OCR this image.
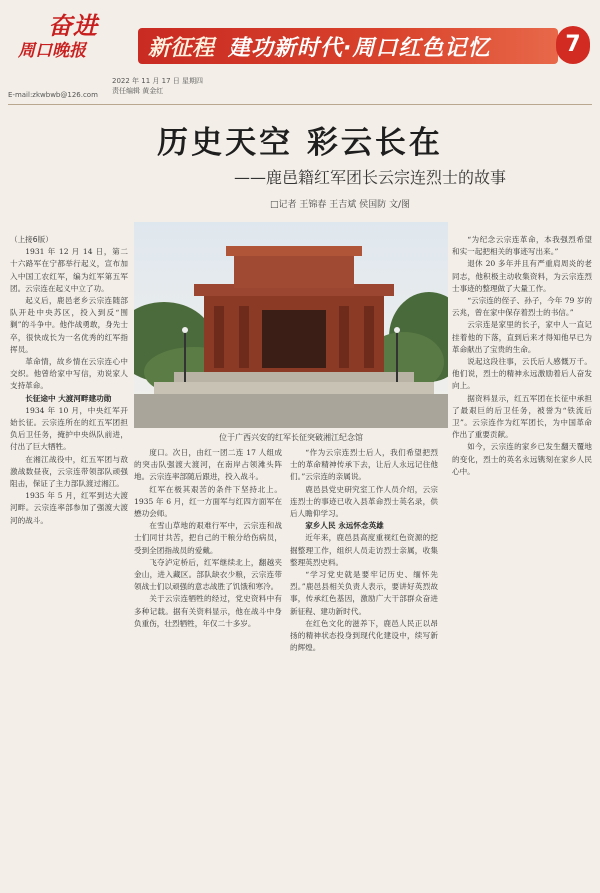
奋进
周口晚报	新征程 建功新时代·周口红色记忆	7
2022 年 11 月 17 日 星期四
责任编辑 黄金红
E-mail:zkwbwb@126.com
历史天空 彩云长在
——鹿邑籍红军团长云宗连烈士的故事
□记者 王锦春 王吉斌 侯国防 文/图
位于广西兴安的红军长征突破湘江纪念馆

（上接6版）

1931 年 12 月 14 日，第二十六路军在宁都举行起义，宣布加入中国工农红军，编为红军第五军团。云宗连在起义中立了功。

起义后，鹿邑老乡云宗连随部队开赴中央苏区，投入到反“围剿”的斗争中。他作战勇敢，身先士卒，很快成长为一名优秀的红军指挥员。

革命情，故乡情在云宗连心中交织。他曾给家中写信，劝说家人支持革命。

长征途中 大渡河畔建功勋

1934 年 10 月，中央红军开始长征。云宗连所在的红五军团担负后卫任务，掩护中央纵队前进，付出了巨大牺牲。

在湘江战役中，红五军团与敌激战数昼夜，云宗连带领部队顽强阻击，保证了主力部队渡过湘江。

1935 年 5 月，红军到达大渡河畔。云宗连率部参加了强渡大渡河的战斗。

度口。次日，由红一团二连 17 人组成的突击队强渡大渡河，在南岸占领滩头阵地。云宗连率部随后跟进，投入战斗。

红军在极其艰苦的条件下坚持北上。1935 年 6 月，红一方面军与红四方面军在懋功会师。

在雪山草地的艰难行军中，云宗连和战士们同甘共苦，把自己的干粮分给伤病员，受到全团指战员的爱戴。

飞夺泸定桥后，红军继续北上，翻越夹金山，进入藏区。部队缺衣少粮，云宗连带领战士们以顽强的意志战胜了饥饿和寒冷。

关于云宗连牺牲的经过，党史资料中有多种记载。据有关资料显示，他在战斗中身负重伤，壮烈牺牲，年仅二十多岁。

“作为云宗连烈士后人，我们希望把烈士的革命精神传承下去，让后人永远记住他们。”云宗连的亲属说。

鹿邑县党史研究室工作人员介绍，云宗连烈士的事迹已收入县革命烈士英名录，供后人瞻仰学习。

家乡人民 永远怀念英雄

近年来，鹿邑县高度重视红色资源的挖掘整理工作，组织人员走访烈士亲属，收集整理英烈史料。

“学习党史就是要牢记历史、缅怀先烈。”鹿邑县相关负责人表示，要讲好英烈故事，传承红色基因，激励广大干部群众奋进新征程、建功新时代。

在红色文化的滋养下，鹿邑人民正以昂扬的精神状态投身到现代化建设中，续写新的辉煌。

“为纪念云宗连革命，本我强烈希望和实一起把相关的事迹写出来。”

退休 20 多年并且有严重肩周炎的老同志，他积极主动收集资料，为云宗连烈士事迹的整理做了大量工作。

“云宗连的侄子、孙子，今年 79 岁的云兆，曾在家中保存着烈士的书信。”

云宗连是家里的长子，家中人一直记挂着他的下落，直到后来才得知他早已为革命献出了宝贵的生命。

说起这段往事，云氏后人感慨万千。他们说，烈士的精神永远激励着后人奋发向上。

据资料显示，红五军团在长征中承担了最艰巨的后卫任务，被誉为“铁流后卫”。云宗连作为红军团长，为中国革命作出了重要贡献。

如今，云宗连的家乡已发生翻天覆地的变化，烈士的英名永远镌刻在家乡人民心中。
